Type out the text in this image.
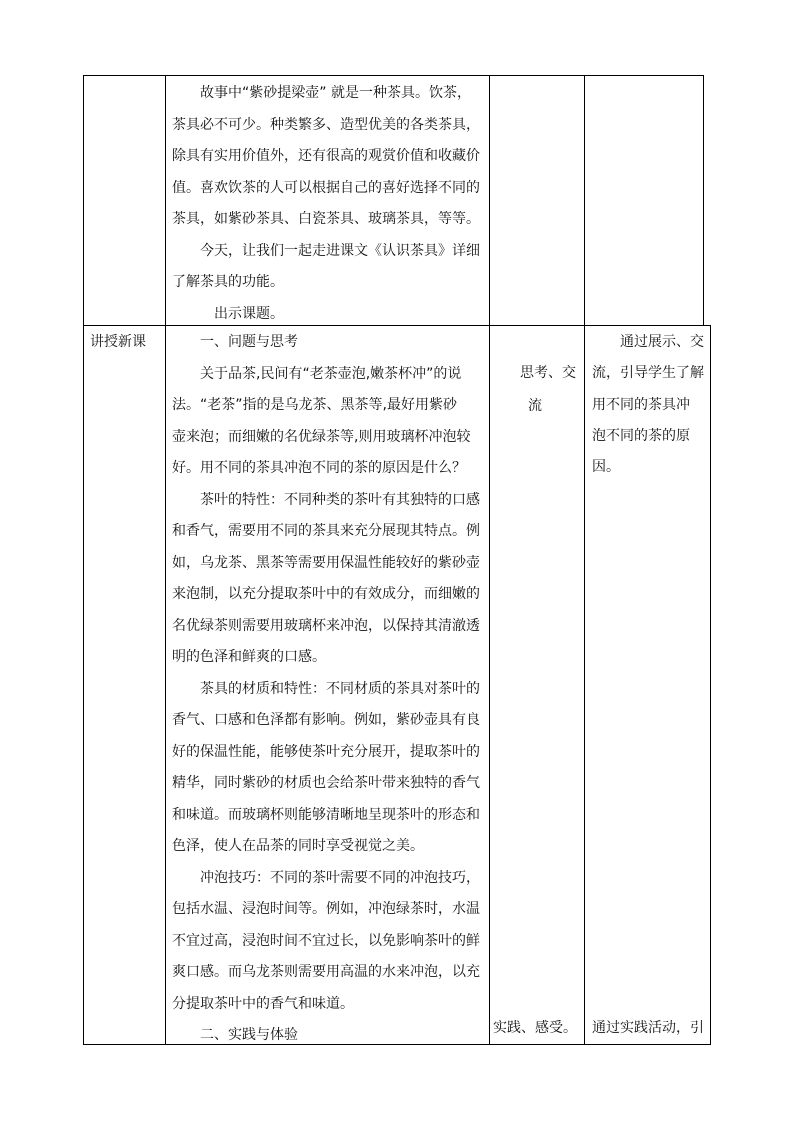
故事中“紫砂提梁壶” 就是一种茶具。饮茶，
茶具必不可少。种类繁多、造型优美的各类茶具，
除具有实用价值外，还有很高的观赏价值和收藏价
值。喜欢饮茶的人可以根据自己的喜好选择不同的
茶具，如紫砂茶具、白瓷茶具、玻璃茶具，等等。
今天，让我们一起走进课文《认识茶具》详细
了解茶具的功能。
出示课题。
讲授新课	一、问题与思考
关于品茶,民间有“老茶壶泡,嫩茶杯冲”的说
法。“老茶”指的是乌龙茶、黑茶等,最好用紫砂
壶来泡；而细嫩的名优绿茶等,则用玻璃杯冲泡较
好。用不同的茶具冲泡不同的茶的原因是什么？
茶叶的特性：不同种类的茶叶有其独特的口感
和香气，需要用不同的茶具来充分展现其特点。例
如，乌龙茶、黑茶等需要用保温性能较好的紫砂壶
来泡制，以充分提取茶叶中的有效成分，而细嫩的
名优绿茶则需要用玻璃杯来冲泡，以保持其清澈透
明的色泽和鲜爽的口感。
茶具的材质和特性：不同材质的茶具对茶叶的
香气、口感和色泽都有影响。例如，紫砂壶具有良
好的保温性能，能够使茶叶充分展开，提取茶叶的
精华，同时紫砂的材质也会给茶叶带来独特的香气
和味道。而玻璃杯则能够清晰地呈现茶叶的形态和
色泽，使人在品茶的同时享受视觉之美。
冲泡技巧：不同的茶叶需要不同的冲泡技巧，
包括水温、浸泡时间等。例如，冲泡绿茶时，水温
不宜过高，浸泡时间不宜过长，以免影响茶叶的鲜
爽口感。而乌龙茶则需要用高温的水来冲泡，以充
分提取茶叶中的香气和味道。
二、实践与体验
思考、交
流
实践、感受。
通过展示、交
流，引导学生了解
用不同的茶具冲
泡不同的茶的原
因。
通过实践活动，引
